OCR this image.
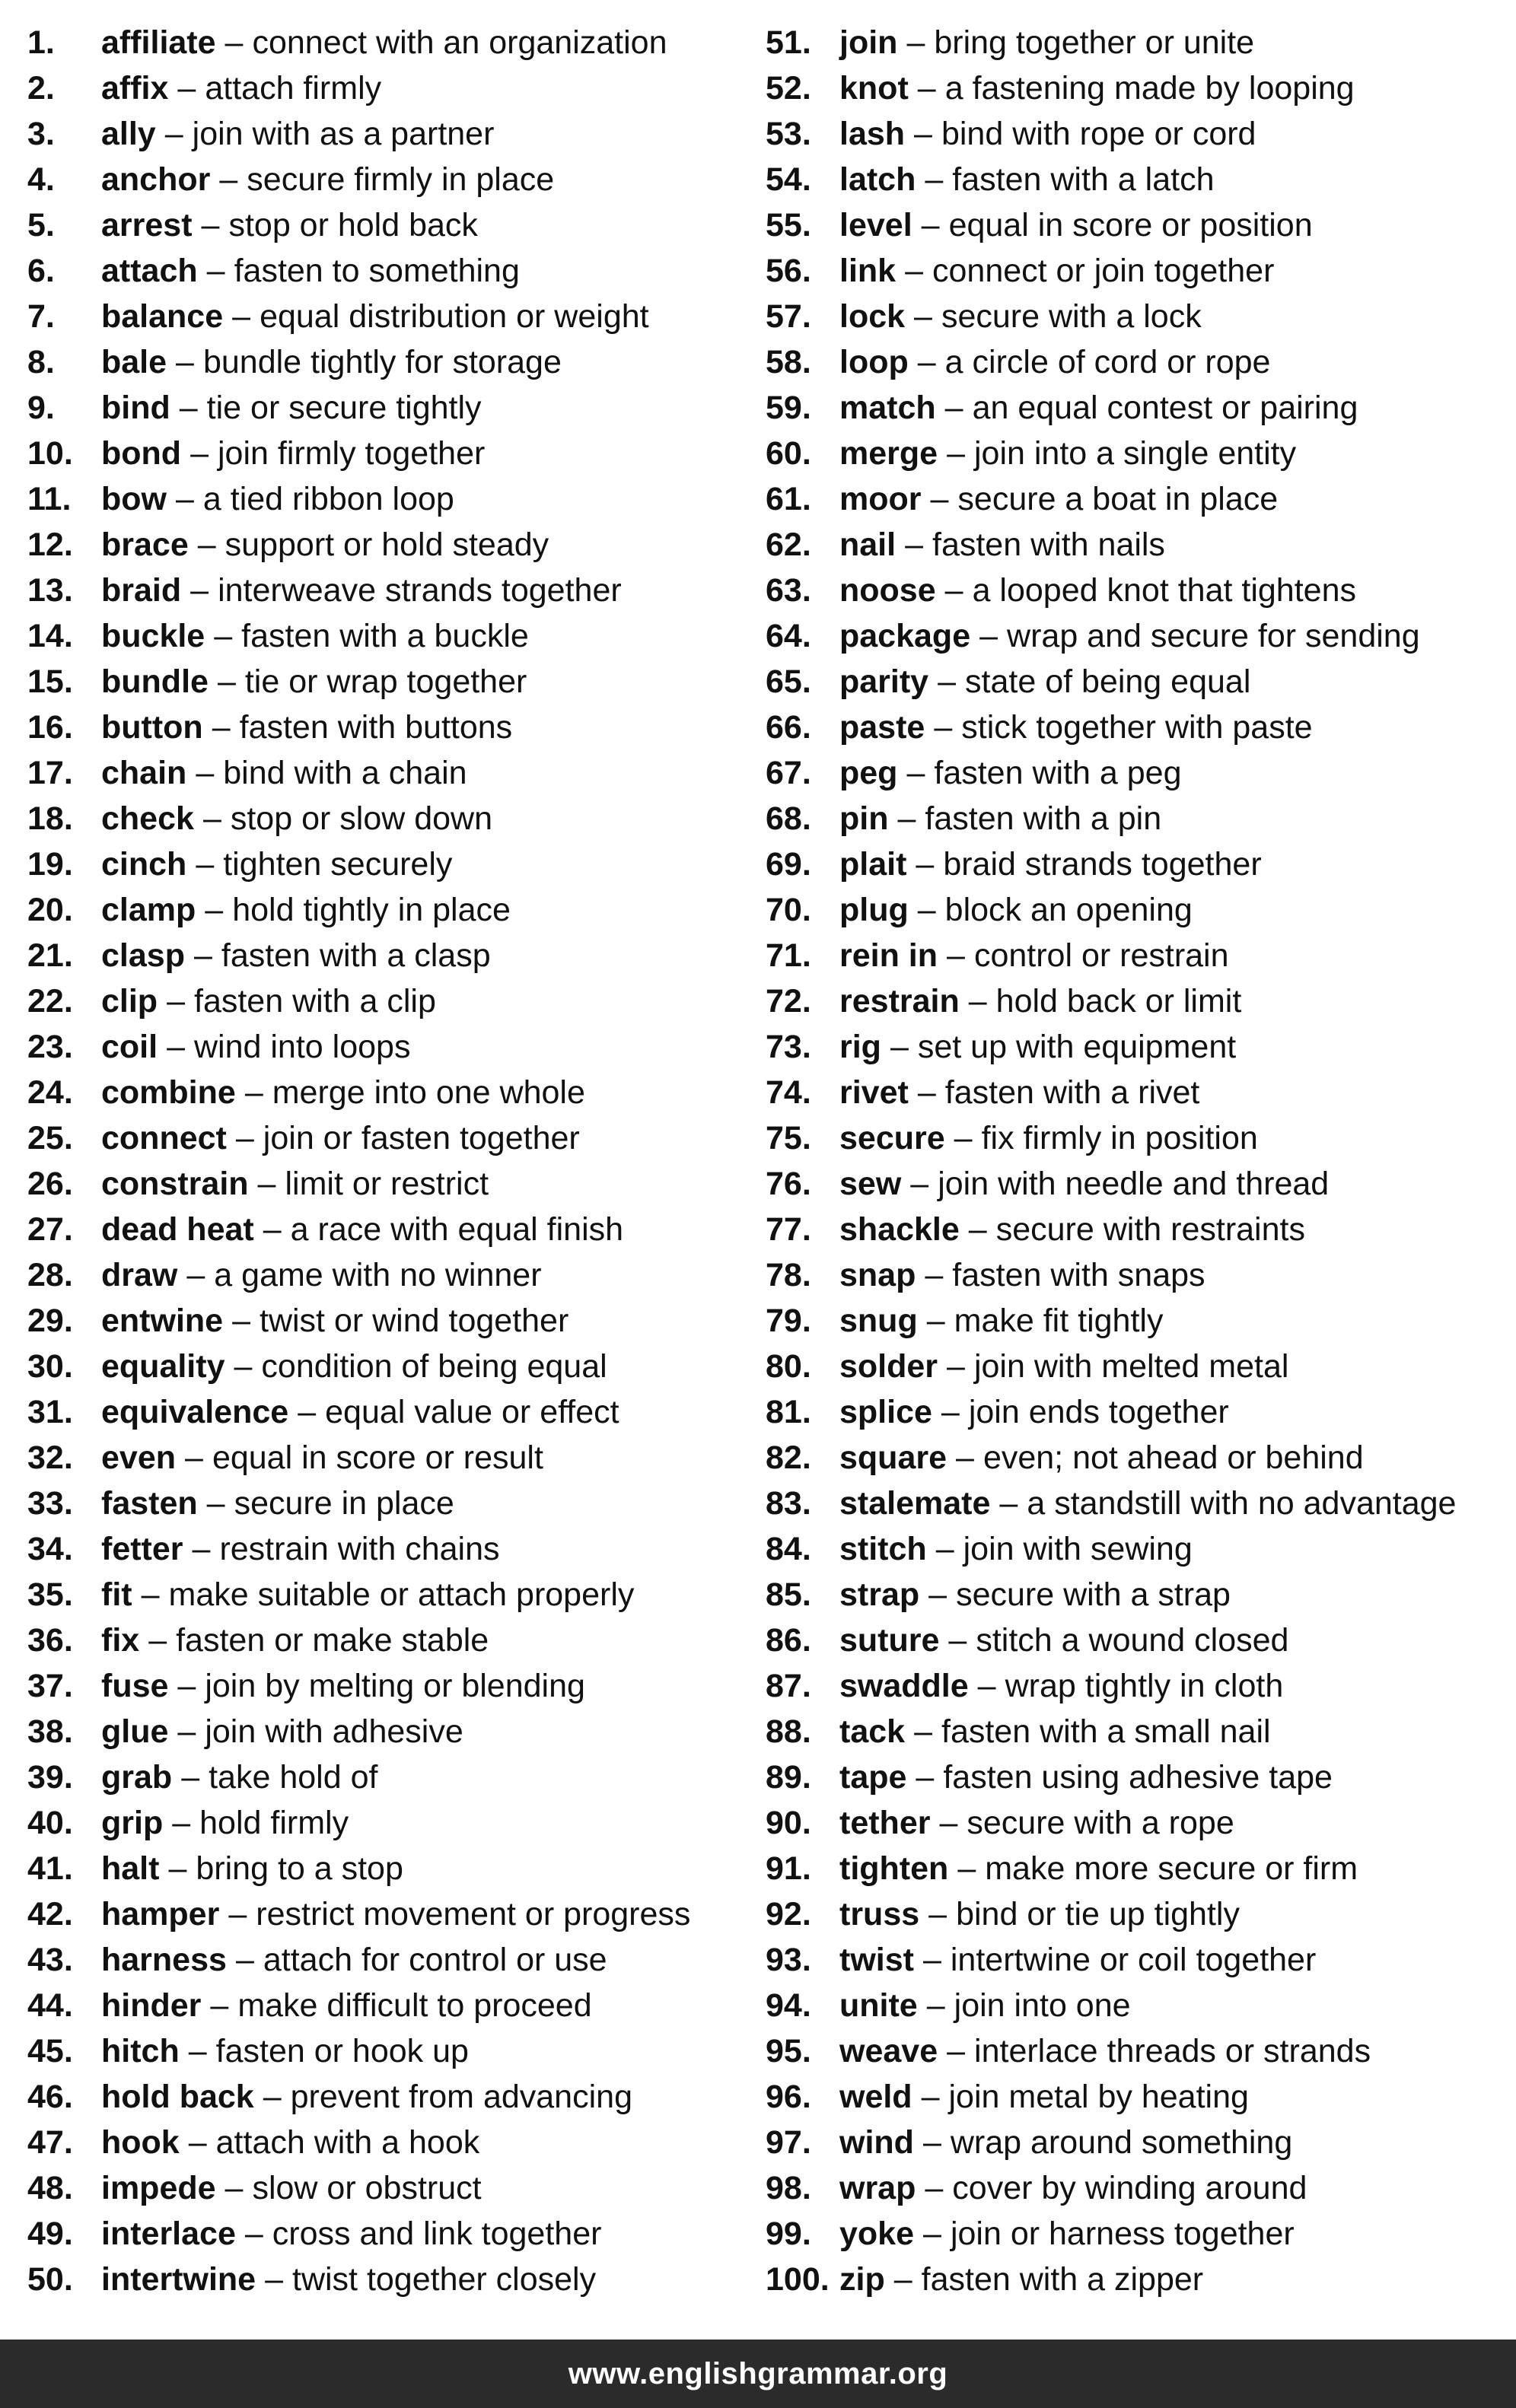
1.	affiliate – connect with an organization
2.	affix – attach firmly
3.	ally – join with as a partner
4.	anchor – secure firmly in place
5.	arrest – stop or hold back
6.	attach – fasten to something
7.	balance – equal distribution or weight
8.	bale – bundle tightly for storage
9.	bind – tie or secure tightly
10. bond – join firmly together
11. bow – a tied ribbon loop
12. brace – support or hold steady
13. braid – interweave strands together
14. buckle – fasten with a buckle
15. bundle – tie or wrap together
16. button – fasten with buttons
17. chain – bind with a chain
18. check – stop or slow down
19. cinch – tighten securely
20. clamp – hold tightly in place
21. clasp – fasten with a clasp
22. clip – fasten with a clip
23. coil – wind into loops
24. combine – merge into one whole
25. connect – join or fasten together
26. constrain – limit or restrict
27. dead heat – a race with equal finish
28. draw – a game with no winner
29. entwine – twist or wind together
30. equality – condition of being equal
31. equivalence – equal value or effect
32. even – equal in score or result
33. fasten – secure in place
34. fetter – restrain with chains
35. fit – make suitable or attach properly
36. fix – fasten or make stable
37. fuse – join by melting or blending
38. glue – join with adhesive
39. grab – take hold of
40. grip – hold firmly
41. halt – bring to a stop
42. hamper – restrict movement or progress
43. harness – attach for control or use
44. hinder – make difficult to proceed
45. hitch – fasten or hook up
46. hold back – prevent from advancing
47. hook – attach with a hook
48. impede – slow or obstruct
49. interlace – cross and link together
50. intertwine – twist together closely
51. join – bring together or unite
52. knot – a fastening made by looping
53. lash – bind with rope or cord
54. latch – fasten with a latch
55. level – equal in score or position
56. link – connect or join together
57. lock – secure with a lock
58. loop – a circle of cord or rope
59. match – an equal contest or pairing
60. merge – join into a single entity
61. moor – secure a boat in place
62. nail – fasten with nails
63. noose – a looped knot that tightens
64. package – wrap and secure for sending
65. parity – state of being equal
66. paste – stick together with paste
67. peg – fasten with a peg
68. pin – fasten with a pin
69. plait – braid strands together
70. plug – block an opening
71. rein in – control or restrain
72. restrain – hold back or limit
73. rig – set up with equipment
74. rivet – fasten with a rivet
75. secure – fix firmly in position
76. sew – join with needle and thread
77. shackle – secure with restraints
78. snap – fasten with snaps
79. snug – make fit tightly
80. solder – join with melted metal
81. splice – join ends together
82. square – even; not ahead or behind
83. stalemate – a standstill with no advantage
84. stitch – join with sewing
85. strap – secure with a strap
86. suture – stitch a wound closed
87. swaddle – wrap tightly in cloth
88. tack – fasten with a small nail
89. tape – fasten using adhesive tape
90. tether – secure with a rope
91. tighten – make more secure or firm
92. truss – bind or tie up tightly
93. twist – intertwine or coil together
94. unite – join into one
95. weave – interlace threads or strands
96. weld – join metal by heating
97. wind – wrap around something
98. wrap – cover by winding around
99. yoke – join or harness together
100. zip – fasten with a zipper
www.englishgrammar.org
